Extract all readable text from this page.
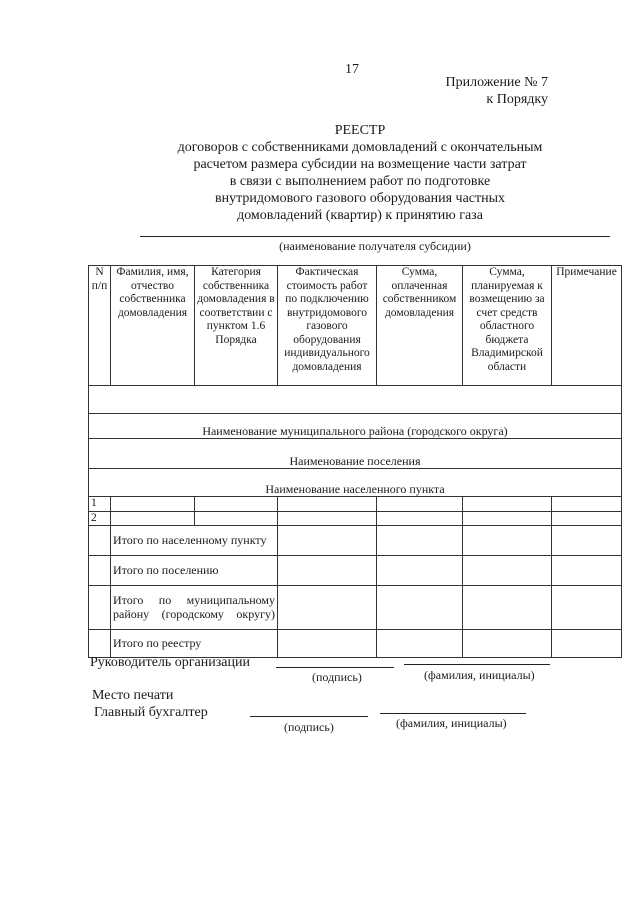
17
Приложение № 7
к Порядку
РЕЕСТР
договоров с собственниками домовладений с окончательным
расчетом размера субсидии на возмещение части затрат
в связи с выполнением работ по подготовке
внутридомового газового оборудования частных
домовладений (квартир) к принятию газа
(наименование получателя субсидии)
N п/п	Фамилия, имя, отчество собственника домовладения	Категория собственника домовладения в соответствии с пунктом 1.6 Порядка	Фактическая стоимость работ по подключению внутридомового газового оборудования индивидуального домовладения	Сумма, оплаченная собственником домовладения	Сумма, планируемая к возмещению за счет средств областного бюджета Владимирской области	Примечание

Наименование муниципального района (городского округа)						
Наименование поселения						
Наименование населенного пункта						
1						
2						
	Итого по населенному пункту					
	Итого по поселению					
	Итого по муниципальному району (городскому округу)					
	Итого по реестру					
Руководитель организации
(подпись)	(фамилия, инициалы)
Место печати
Главный бухгалтер
(подпись)	(фамилия, инициалы)
